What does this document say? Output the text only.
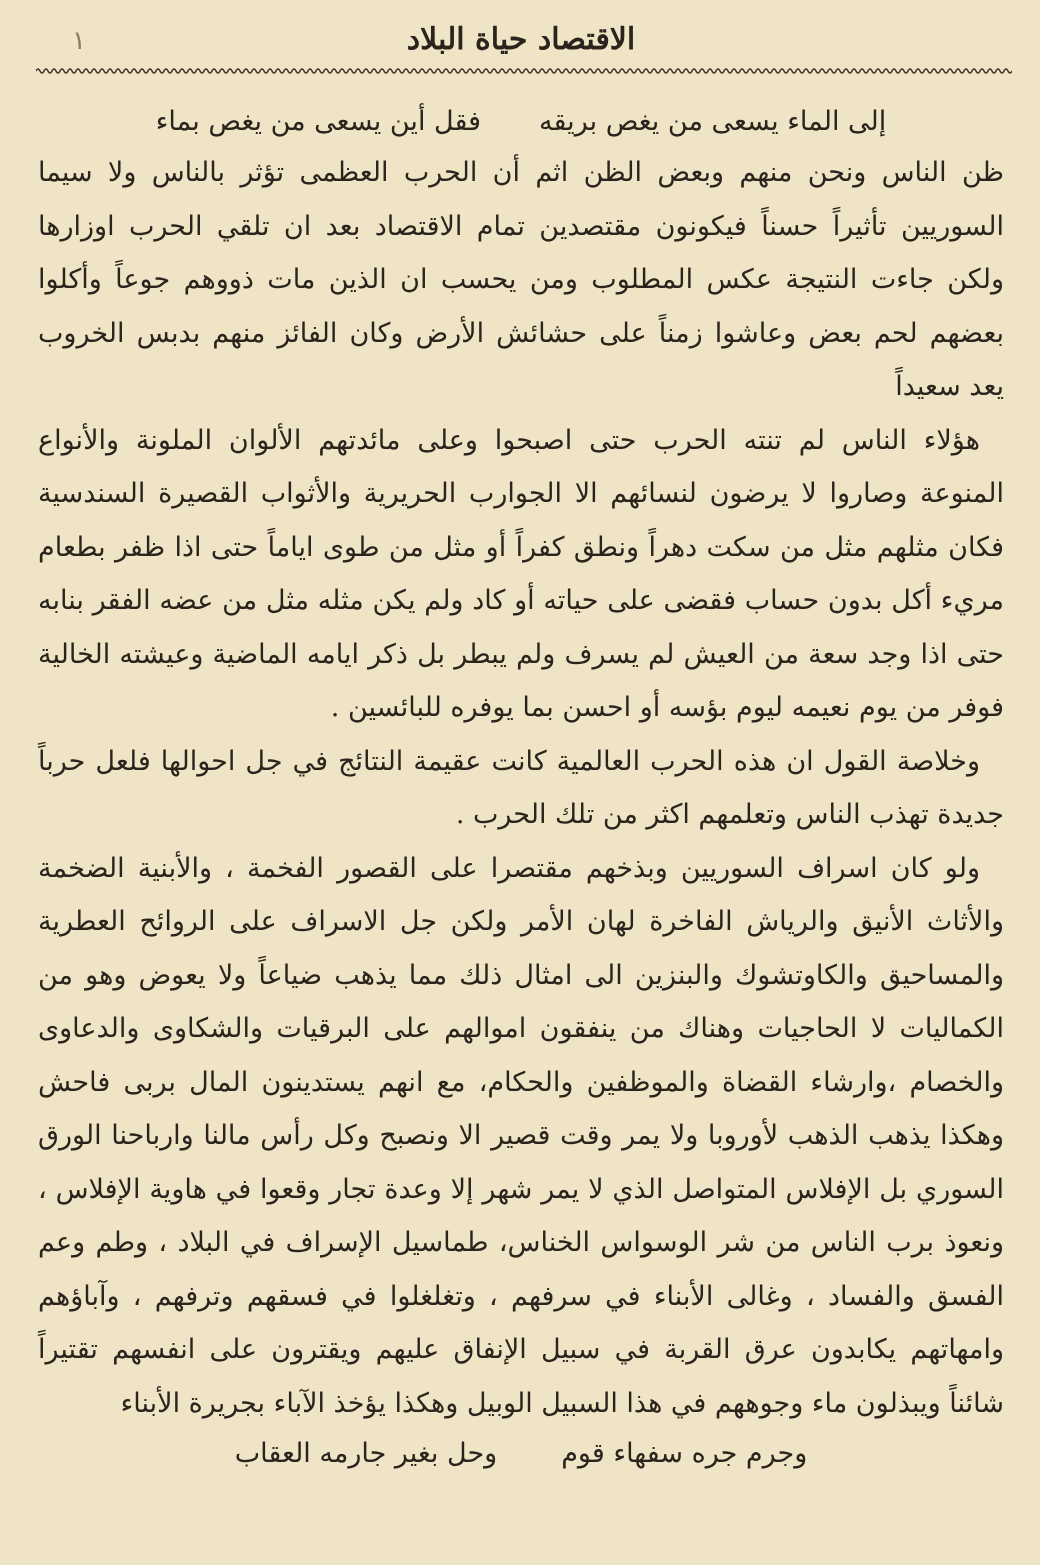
١	الاقتصاد حياة البلاد
إلى الماء يسعى من يغص بريقه
فقل أين يسعى من يغص بماء

ظن الناس ونحن منهم وبعض الظن اثم أن الحرب العظمى تؤثر بالناس ولا سيما السوريين تأثيراً حسناً فيكونون مقتصدين تمام الاقتصاد بعد ان تلقي الحرب اوزارها ولكن جاءت النتيجة عكس المطلوب ومن يحسب ان الذين مات ذووهم جوعاً وأكلوا بعضهم لحم بعض وعاشوا زمناً على حشائش الأرض وكان الفائز منهم بدبس الخروب يعد سعيداً

هؤلاء الناس لم تنته الحرب حتى اصبحوا وعلى مائدتهم الألوان الملونة والأنواع المنوعة وصاروا لا يرضون لنسائهم الا الجوارب الحريرية والأثواب القصيرة السندسية فكان مثلهم مثل من سكت دهراً ونطق كفراً أو مثل من طوى اياماً حتى اذا ظفر بطعام مريء أكل بدون حساب فقضى على حياته أو كاد ولم يكن مثله مثل من عضه الفقر بنابه حتى اذا وجد سعة من العيش لم يسرف ولم يبطر بل ذكر ايامه الماضية وعيشته الخالية فوفر من يوم نعيمه ليوم بؤسه أو احسن بما يوفره للبائسين .

وخلاصة القول ان هذه الحرب العالمية كانت عقيمة النتائج في جل احوالها فلعل حرباً جديدة تهذب الناس وتعلمهم اكثر من تلك الحرب .

ولو كان اسراف السوريين وبذخهم مقتصرا على القصور الفخمة ، والأبنية الضخمة والأثاث الأنيق والرياش الفاخرة لهان الأمر ولكن جل الاسراف على الروائح العطرية والمساحيق والكاوتشوك والبنزين الى امثال ذلك مما يذهب ضياعاً ولا يعوض وهو من الكماليات لا الحاجيات وهناك من ينفقون اموالهم على البرقيات والشكاوى والدعاوى والخصام ،وارشاء القضاة والموظفين والحكام، مع انهم يستدينون المال بربى فاحش وهكذا يذهب الذهب لأوروبا ولا يمر وقت قصير الا ونصبح وكل رأس مالنا وارباحنا الورق السوري بل الإفلاس المتواصل الذي لا يمر شهر إلا وعدة تجار وقعوا في هاوية الإفلاس ، ونعوذ برب الناس من شر الوسواس الخناس، طماسيل الإسراف في البلاد ، وطم وعم الفسق والفساد ، وغالى الأبناء في سرفهم ، وتغلغلوا في فسقهم وترفهم ، وآباؤهم وامهاتهم يكابدون عرق القربة في سبيل الإنفاق عليهم ويقترون على انفسهم تقتيراً شائناً ويبذلون ماء وجوههم في هذا السبيل الوبيل وهكذا يؤخذ الآباء بجريرة الأبناء

وجرم جره سفهاء قوم
وحل بغير جارمه العقاب
